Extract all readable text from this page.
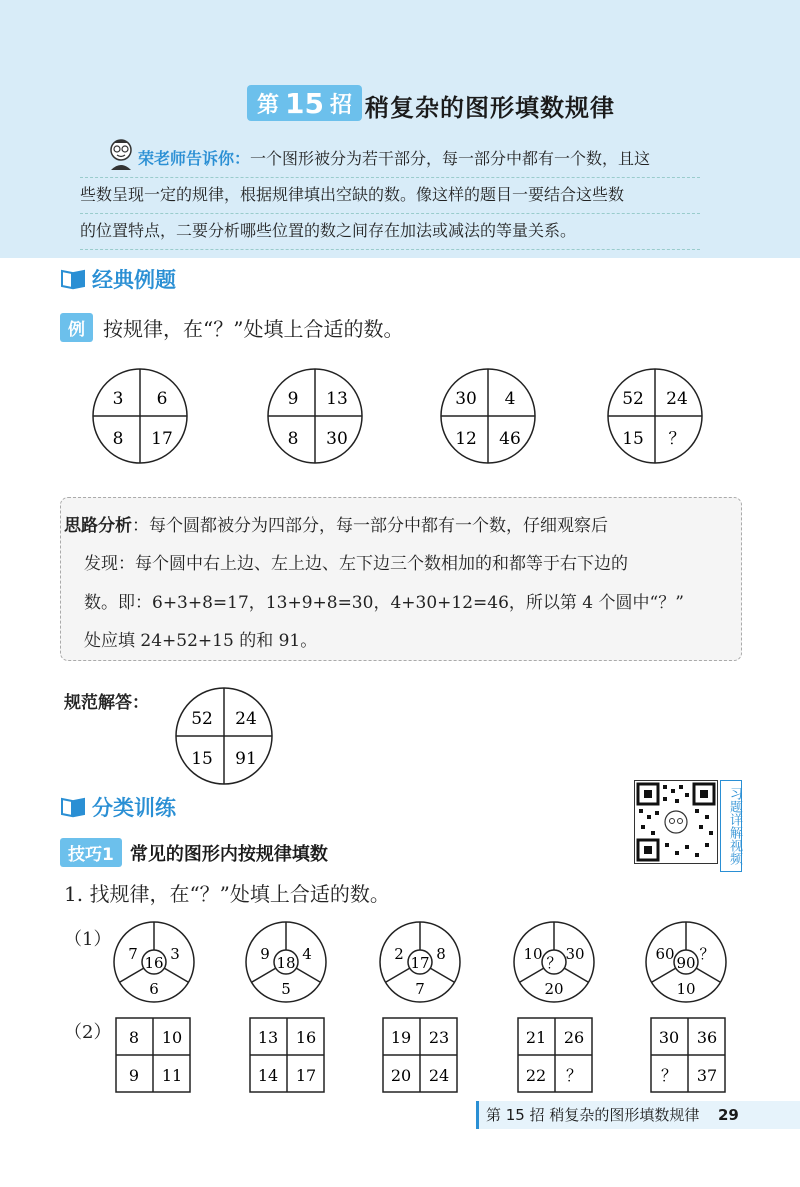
第 15 招 稍复杂的图形填数规律
荣老师告诉你：一个图形被分为若干部分，每一部分中都有一个数，且这
些数呈现一定的规律，根据规律填出空缺的数。像这样的题目一要结合这些数
的位置特点，二要分析哪些位置的数之间存在加法或减法的等量关系。
经典例题
例 按规律，在“？”处填上合适的数。
3 6
8 17
9 13
8 30
30 4
12 46
52 24
15 ？
思路分析：每个圆都被分为四部分，每一部分中都有一个数，仔细观察后
发现：每个圆中右上边、左上边、左下边三个数相加的和都等于右下边的
数。即：6+3+8=17，13+9+8=30，4+30+12=46，所以第 4 个圆中“？”
处应填 24+52+15 的和 91。
规范解答：
52 24
15 91
分类训练	习题详解视频
技巧1 常见的图形内按规律填数
1. 找规律，在“？”处填上合适的数。
（1）
（2）
7 3
16
6
9 4
18
5
2 8
17
7
10 30
？
20
60 ？
90
10
8 10
9 11
13 16
14 17
19 23
20 24
21 26
22 ？
30 36
？ 37
第 15 招 稍复杂的图形填数规律 29
